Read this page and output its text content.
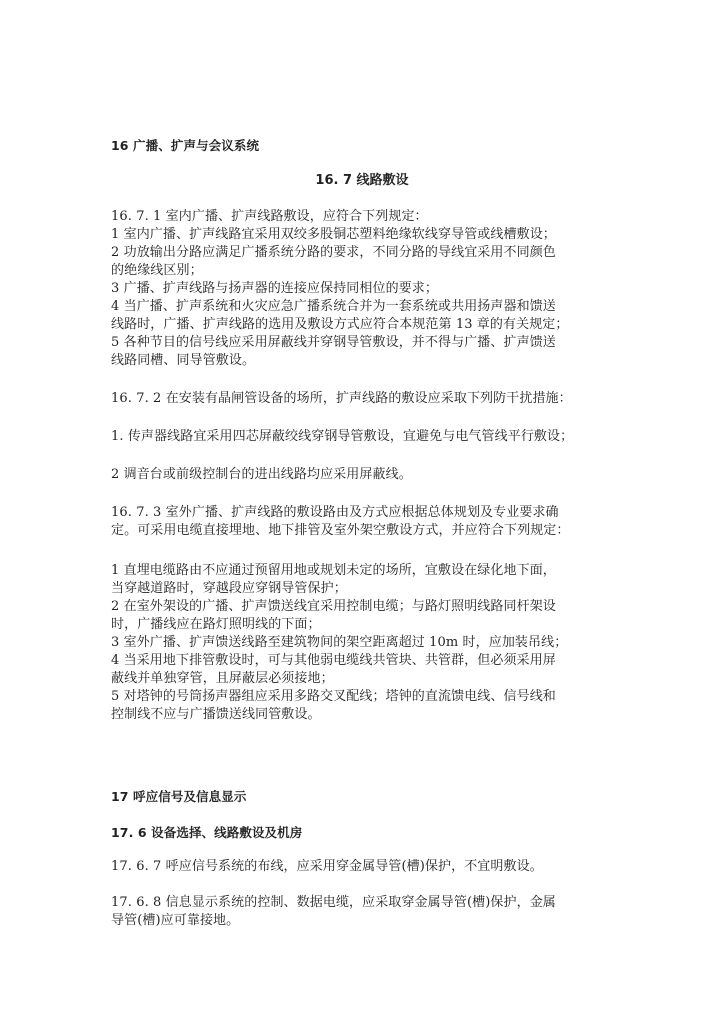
16 广播、扩声与会议系统
16. 7 线路敷设
16. 7. 1 室内广播、扩声线路敷设，应符合下列规定：
1 室内广播、扩声线路宜采用双绞多股铜芯塑料绝缘软线穿导管或线槽敷设；
2 功放输出分路应满足广播系统分路的要求，不同分路的导线宜采用不同颜色
的绝缘线区别；
3 广播、扩声线路与扬声器的连接应保持同相位的要求；
4 当广播、扩声系统和火灾应急广播系统合并为一套系统或共用扬声器和馈送
线路时，广播、扩声线路的选用及敷设方式应符合本规范第 13 章的有关规定；
5 各种节目的信号线应采用屏蔽线并穿钢导管敷设，并不得与广播、扩声馈送
线路同槽、同导管敷设。
16. 7. 2 在安装有晶闸管设备的场所，扩声线路的敷设应采取下列防干扰措施：
1. 传声器线路宜采用四芯屏蔽绞线穿钢导管敷设，宜避免与电气管线平行敷设；
2 调音台或前级控制台的进出线路均应采用屏蔽线。
16. 7. 3 室外广播、扩声线路的敷设路由及方式应根据总体规划及专业要求确
定。可采用电缆直接埋地、地下排管及室外架空敷设方式，并应符合下列规定：
1 直埋电缆路由不应通过预留用地或规划未定的场所，宜敷设在绿化地下面，
当穿越道路时，穿越段应穿钢导管保护；
2 在室外架设的广播、扩声馈送线宜采用控制电缆；与路灯照明线路同杆架设
时，广播线应在路灯照明线的下面；
3 室外广播、扩声馈送线路至建筑物间的架空距离超过 10m 时，应加装吊线；
4 当采用地下排管敷设时，可与其他弱电缆线共管块、共管群，但必须采用屏
蔽线并单独穿管，且屏蔽层必须接地；
5 对塔钟的号筒扬声器组应采用多路交叉配线；塔钟的直流馈电线、信号线和
控制线不应与广播馈送线同管敷设。
17 呼应信号及信息显示
17. 6 设备选择、线路敷设及机房
17. 6. 7 呼应信号系统的布线，应采用穿金属导管(槽)保护，不宜明敷设。
17. 6. 8 信息显示系统的控制、数据电缆，应采取穿金属导管(槽)保护，金属
导管(槽)应可靠接地。
